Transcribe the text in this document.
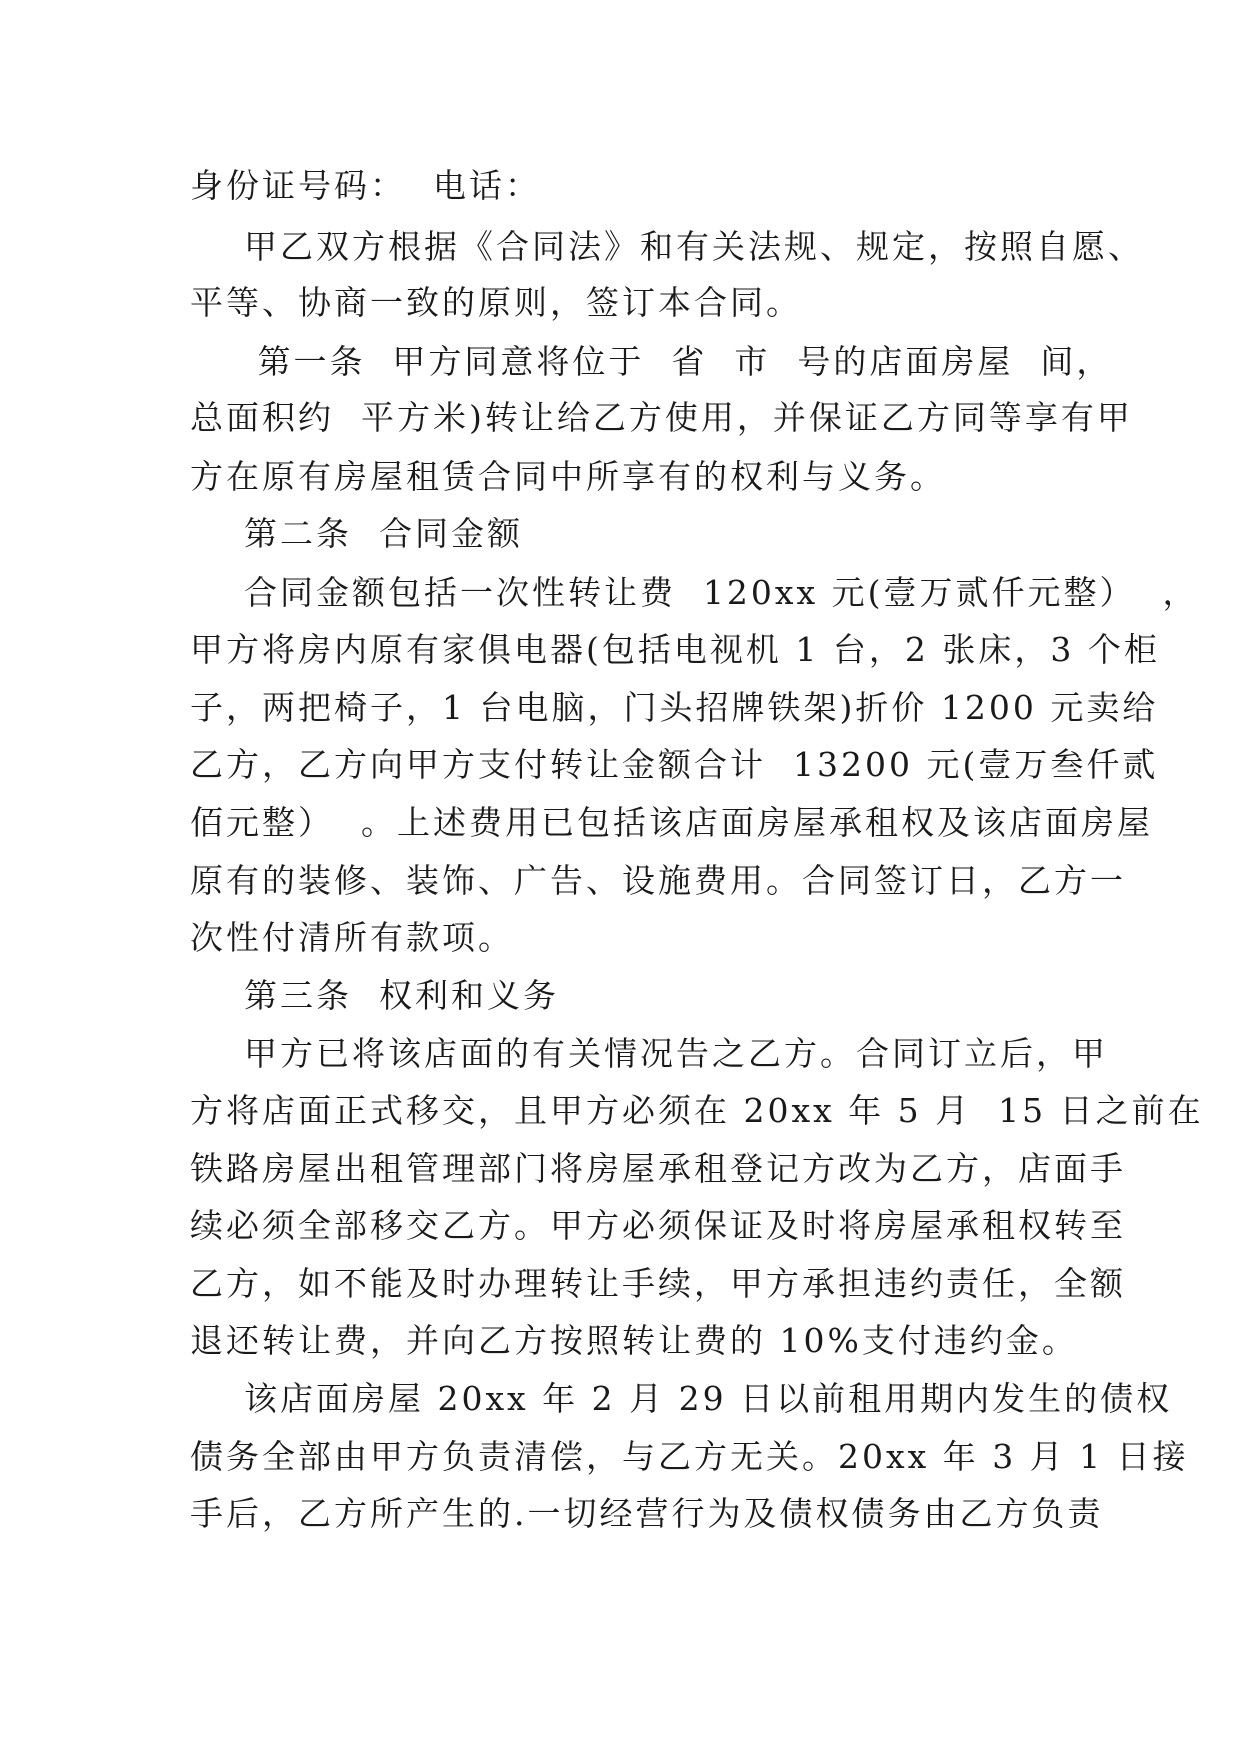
身份证号码：  电话：
甲乙双方根据《合同法》和有关法规、规定，按照自愿、
平等、协商一致的原则，签订本合同。
第一条  甲方同意将位于  省  市  号的店面房屋  间，
总面积约  平方米)转让给乙方使用，并保证乙方同等享有甲
方在原有房屋租赁合同中所享有的权利与义务。
第二条  合同金额
合同金额包括一次性转让费  120xx 元(壹万贰仟元整）  ，
甲方将房内原有家俱电器(包括电视机 1 台，2 张床，3 个柜
子，两把椅子，1 台电脑，门头招牌铁架)折价 1200 元卖给
乙方，乙方向甲方支付转让金额合计  13200 元(壹万叁仟贰
佰元整）  。上述费用已包括该店面房屋承租权及该店面房屋
原有的装修、装饰、广告、设施费用。合同签订日，乙方一
次性付清所有款项。
第三条  权利和义务
甲方已将该店面的有关情况告之乙方。合同订立后，甲
方将店面正式移交，且甲方必须在 20xx 年 5 月  15 日之前在
铁路房屋出租管理部门将房屋承租登记方改为乙方，店面手
续必须全部移交乙方。甲方必须保证及时将房屋承租权转至
乙方，如不能及时办理转让手续，甲方承担违约责任，全额
退还转让费，并向乙方按照转让费的 10%支付违约金。
该店面房屋 20xx 年 2 月 29 日以前租用期内发生的债权
债务全部由甲方负责清偿，与乙方无关。20xx 年 3 月 1 日接
手后，乙方所产生的.一切经营行为及债权债务由乙方负责
